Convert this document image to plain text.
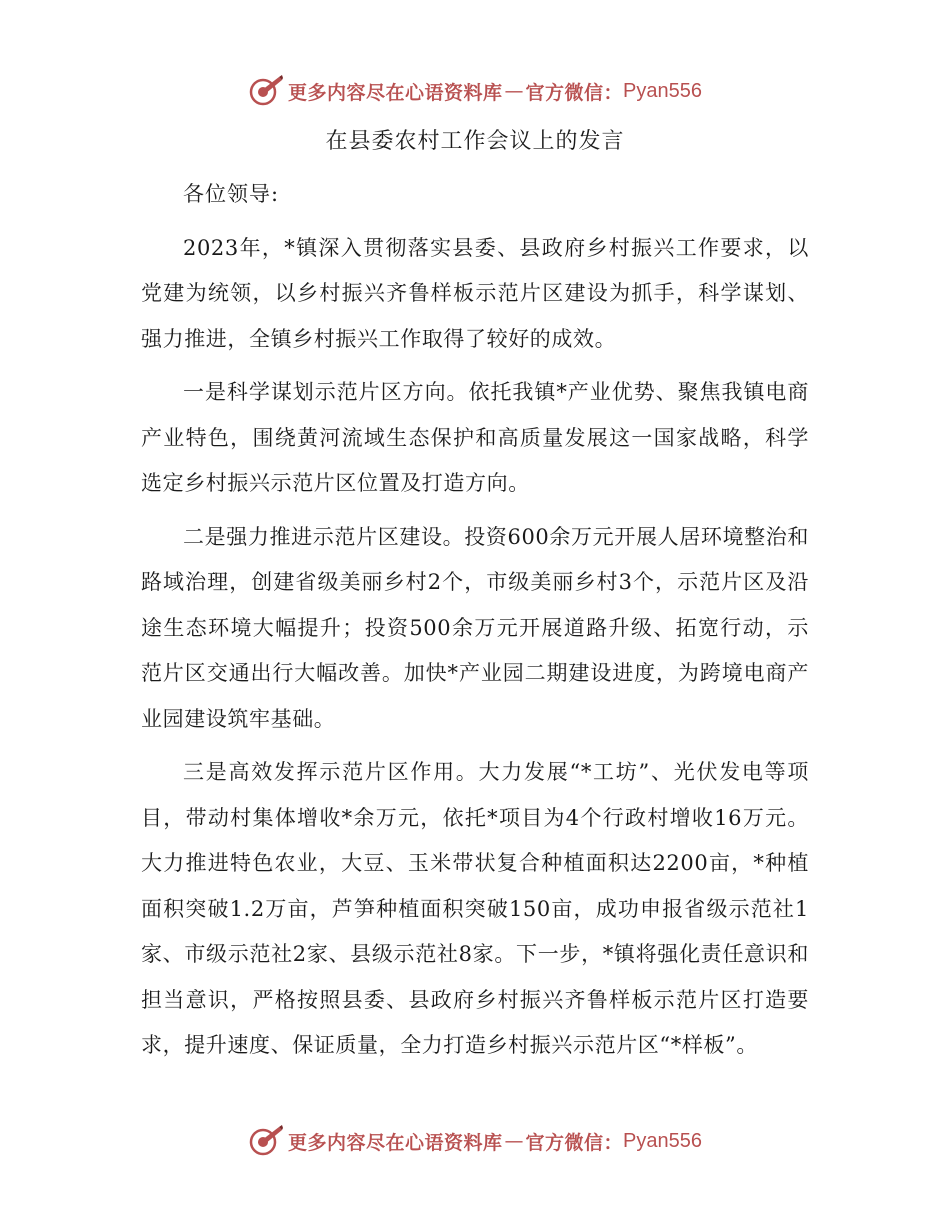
更多内容尽在心语资料库 — 官方微信： Pyan556
在县委农村工作会议上的发言

各位领导:

2023年，*镇深入贯彻落实县委、县政府乡村振兴工作要求，以党建为统领，以乡村振兴齐鲁样板示范片区建设为抓手，科学谋划、强力推进，全镇乡村振兴工作取得了较好的成效。

一是科学谋划示范片区方向。依托我镇*产业优势、聚焦我镇电商产业特色，围绕黄河流域生态保护和高质量发展这一国家战略，科学选定乡村振兴示范片区位置及打造方向。

二是强力推进示范片区建设。投资600余万元开展人居环境整治和路域治理，创建省级美丽乡村2个，市级美丽乡村3个，示范片区及沿途生态环境大幅提升；投资500余万元开展道路升级、拓宽行动，示范片区交通出行大幅改善。加快*产业园二期建设进度，为跨境电商产业园建设筑牢基础。

三是高效发挥示范片区作用。大力发展“*工坊”、光伏发电等项目，带动村集体增收*余万元，依托*项目为4个行政村增收16万元。大力推进特色农业，大豆、玉米带状复合种植面积达2200亩，*种植面积突破1.2万亩，芦笋种植面积突破150亩，成功申报省级示范社1家、市级示范社2家、县级示范社8家。下一步，*镇将强化责任意识和担当意识，严格按照县委、县政府乡村振兴齐鲁样板示范片区打造要求，提升速度、保证质量，全力打造乡村振兴示范片区“*样板”。

更多内容尽在心语资料库 — 官方微信： Pyan556
